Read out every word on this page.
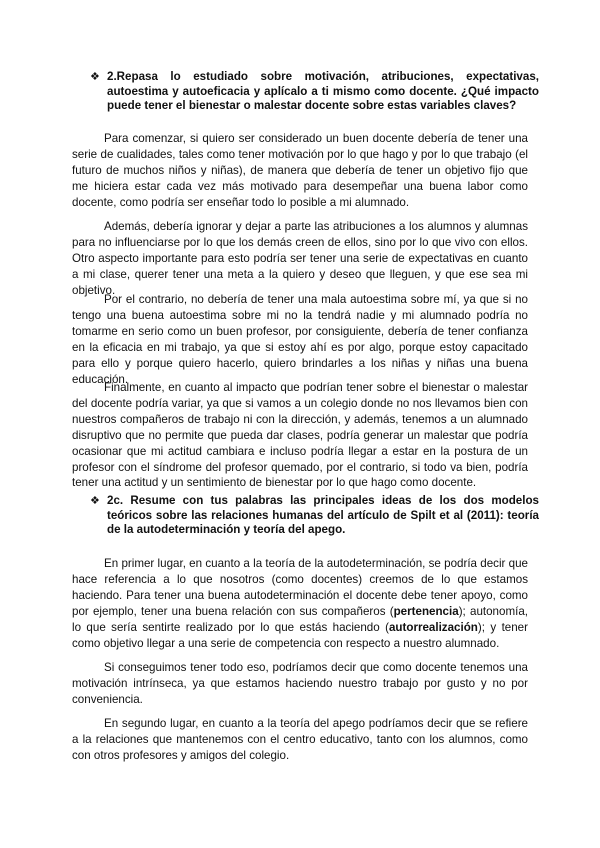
❖ 2.Repasa lo estudiado sobre motivación, atribuciones, expectativas, autoestima y autoeficacia y aplícalo a ti mismo como docente. ¿Qué impacto puede tener el bienestar o malestar docente sobre estas variables claves?

Para comenzar, si quiero ser considerado un buen docente debería de tener una serie de cualidades, tales como tener motivación por lo que hago y por lo que trabajo (el futuro de muchos niños y niñas), de manera que debería de tener un objetivo fijo que me hiciera estar cada vez más motivado para desempeñar una buena labor como docente, como podría ser enseñar todo lo posible a mi alumnado.

Además, debería ignorar y dejar a parte las atribuciones a los alumnos y alumnas para no influenciarse por lo que los demás creen de ellos, sino por lo que vivo con ellos. Otro aspecto importante para esto podría ser tener una serie de expectativas en cuanto a mi clase, querer tener una meta a la quiero y deseo que lleguen, y que ese sea mi objetivo.

Por el contrario, no debería de tener una mala autoestima sobre mí, ya que si no tengo una buena autoestima sobre mi no la tendrá nadie y mi alumnado podría no tomarme en serio como un buen profesor, por consiguiente, debería de tener confianza en la eficacia en mi trabajo, ya que si estoy ahí es por algo, porque estoy capacitado para ello y porque quiero hacerlo, quiero brindarles a los niñas y niñas una buena educación.

Finalmente, en cuanto al impacto que podrían tener sobre el bienestar o malestar del docente podría variar, ya que si vamos a un colegio donde no nos llevamos bien con nuestros compañeros de trabajo ni con la dirección, y además, tenemos a un alumnado disruptivo que no permite que pueda dar clases, podría generar un malestar que podría ocasionar que mi actitud cambiara e incluso podría llegar a estar en la postura de un profesor con el síndrome del profesor quemado, por el contrario, si todo va bien, podría tener una actitud y un sentimiento de bienestar por lo que hago como docente.

❖ 2c. Resume con tus palabras las principales ideas de los dos modelos teóricos sobre las relaciones humanas del artículo de Spilt et al (2011): teoría de la autodeterminación y teoría del apego.

En primer lugar, en cuanto a la teoría de la autodeterminación, se podría decir que hace referencia a lo que nosotros (como docentes) creemos de lo que estamos haciendo. Para tener una buena autodeterminación el docente debe tener apoyo, como por ejemplo, tener una buena relación con sus compañeros (pertenencia); autonomía, lo que sería sentirte realizado por lo que estás haciendo (autorrealización); y tener como objetivo llegar a una serie de competencia con respecto a nuestro alumnado.

Si conseguimos tener todo eso, podríamos decir que como docente tenemos una motivación intrínseca, ya que estamos haciendo nuestro trabajo por gusto y no por conveniencia.

En segundo lugar, en cuanto a la teoría del apego podríamos decir que se refiere a la relaciones que mantenemos con el centro educativo, tanto con los alumnos, como con otros profesores y amigos del colegio.
